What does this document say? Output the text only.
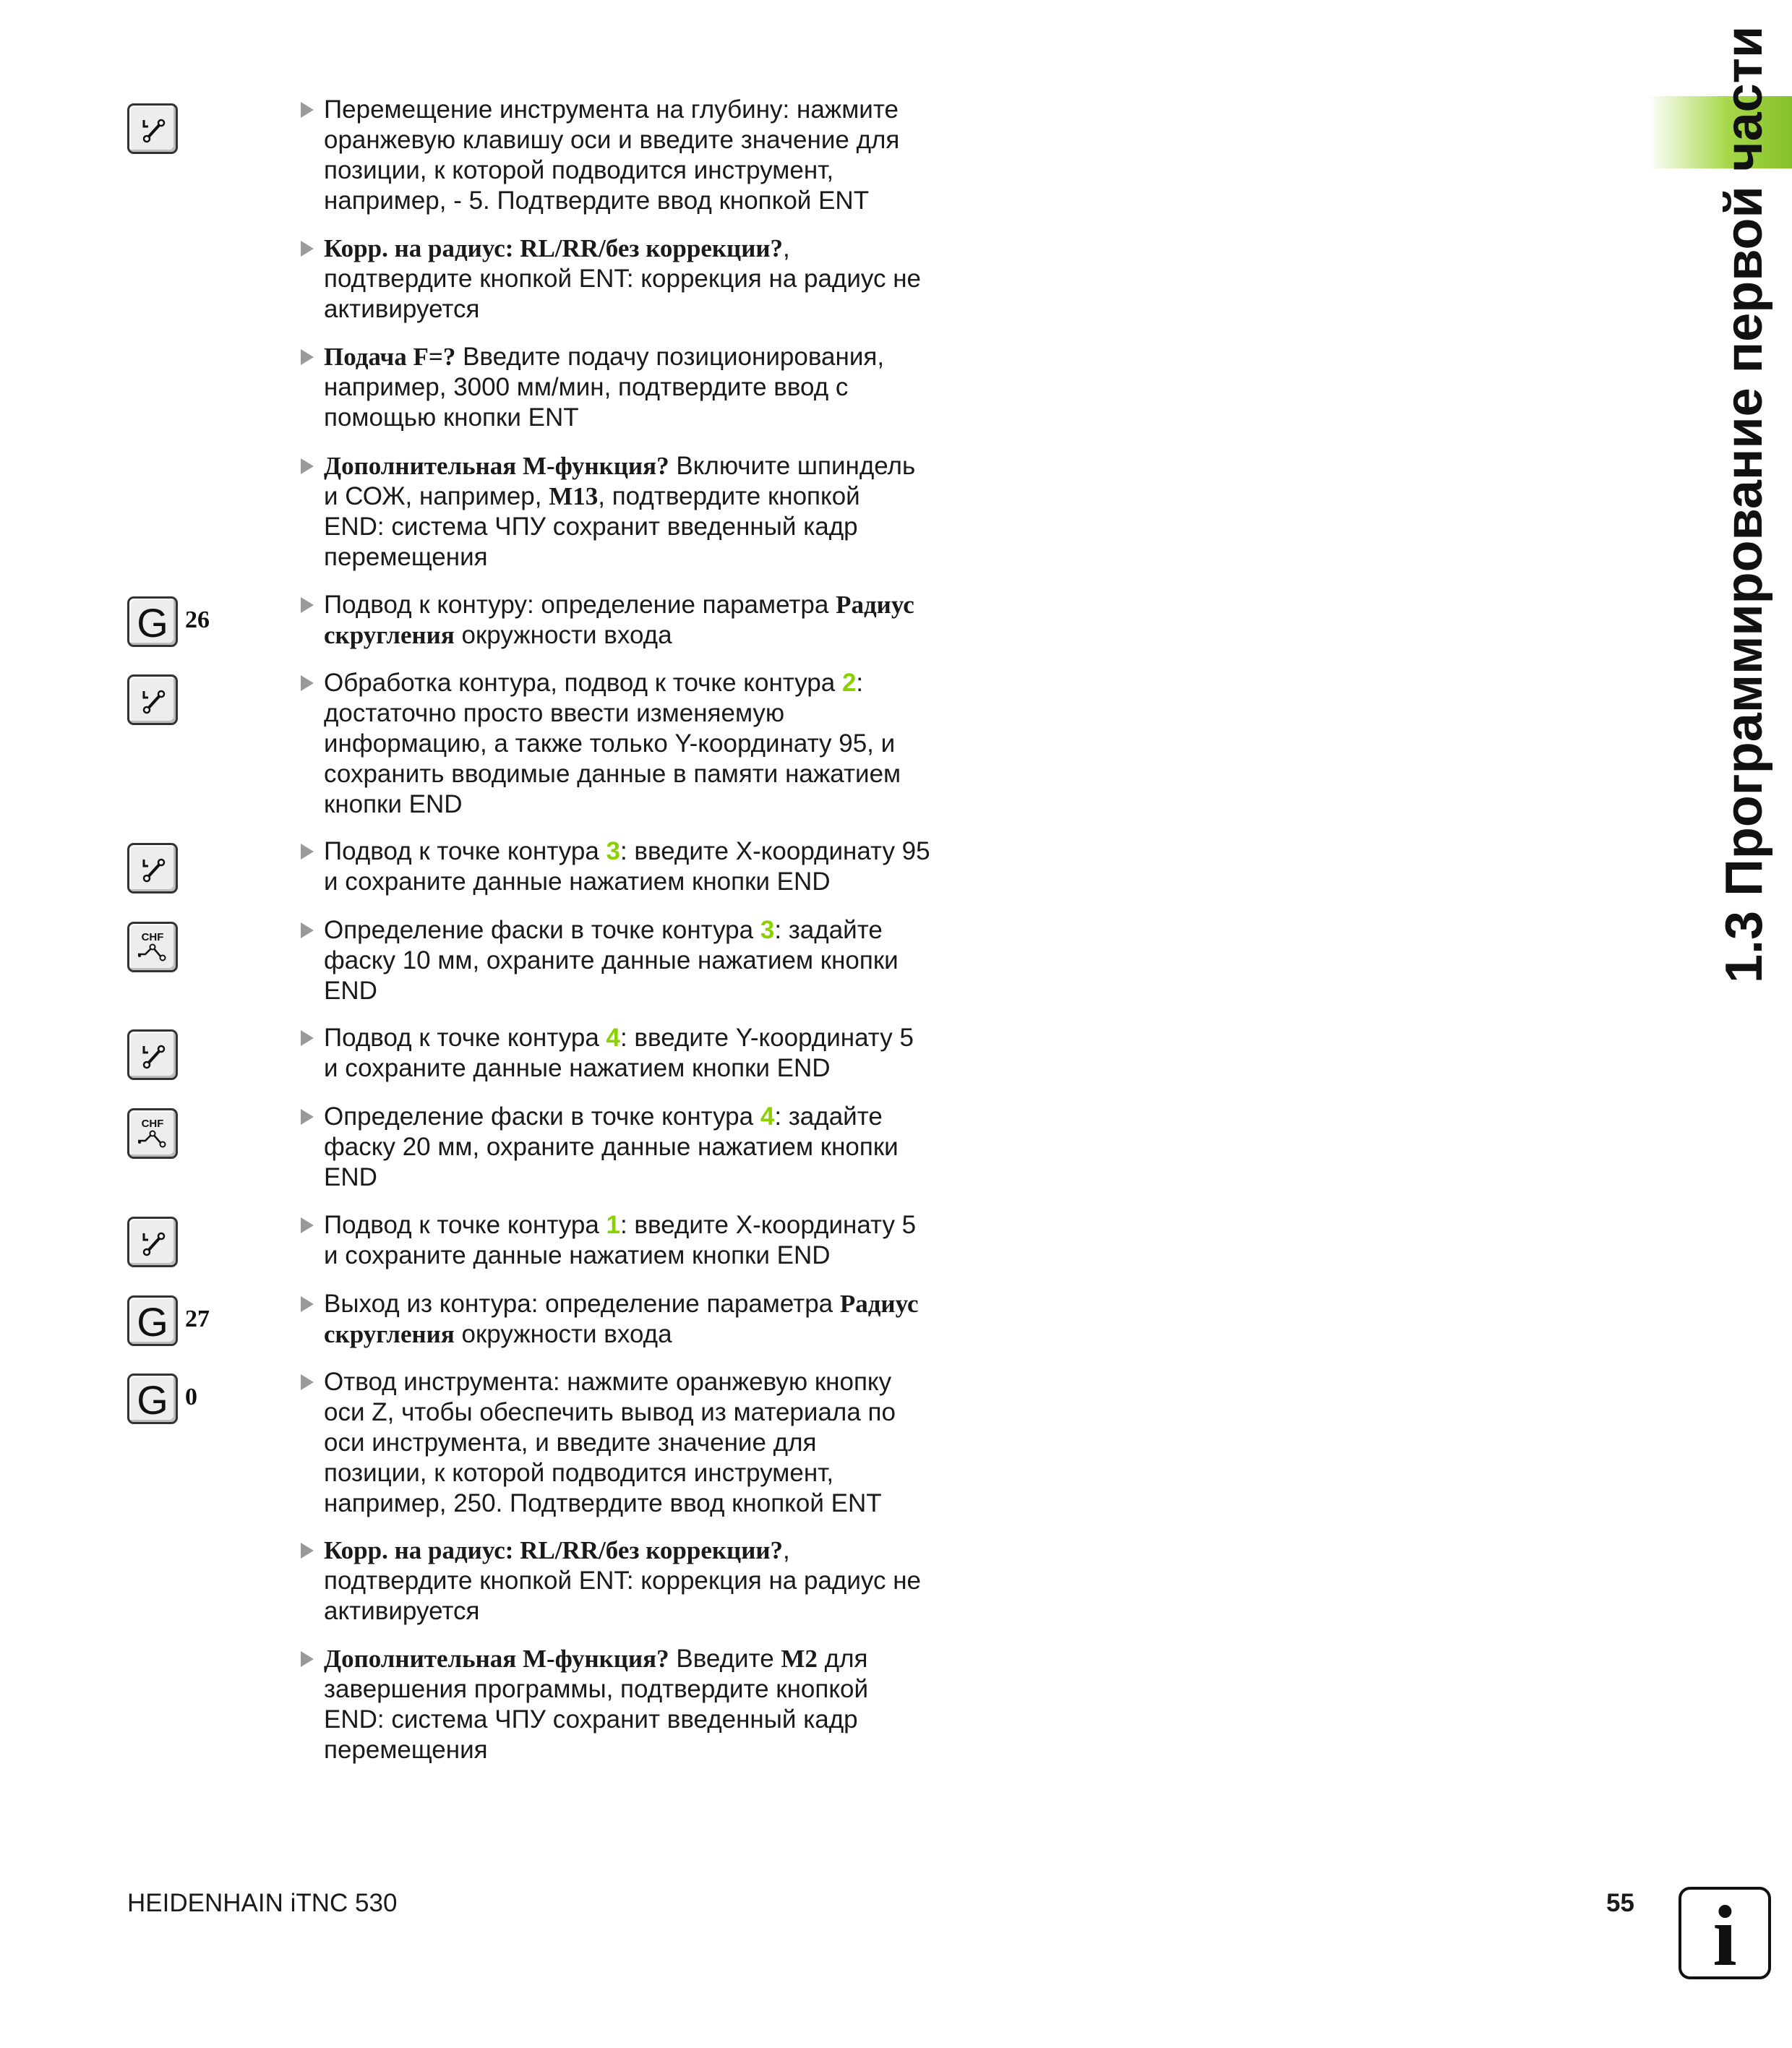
1.3 Программирование первой части
G 26
CHF
CHF
G 27
G 0

Перемещение инструмента на глубину: нажмите

оранжевую клавишу оси и введите значение для

позиции, к которой подводится инструмент,

например, - 5. Подтвердите ввод кнопкой ENT

Корр. на радиус: RL/RR/без коррекции?,

подтвердите кнопкой ENT: коррекция на радиус не

активируется

Подача F=? Введите подачу позиционирования,

например, 3000 мм/мин, подтвердите ввод с

помощью кнопки ENT

Дополнительная М-функция? Включите шпиндель

и СОЖ, например, M13, подтвердите кнопкой

END: система ЧПУ сохранит введенный кадр

перемещения

Подвод к контуру: определение параметра Радиус

скругления окружности входа

Обработка контура, подвод к точке контура 2:

достаточно просто ввести изменяемую

информацию, а также только Y-координату 95, и

сохранить вводимые данные в памяти нажатием

кнопки END

Подвод к точке контура 3: введите X-координату 95

и сохраните данные нажатием кнопки END

Определение фаски в точке контура 3: задайте

фаску 10 мм, охраните данные нажатием кнопки

END

Подвод к точке контура 4: введите Y-координату 5

и сохраните данные нажатием кнопки END

Определение фаски в точке контура 4: задайте

фаску 20 мм, охраните данные нажатием кнопки

END

Подвод к точке контура 1: введите X-координату 5

и сохраните данные нажатием кнопки END

Выход из контура: определение параметра Радиус

скругления окружности входа

Отвод инструмента: нажмите оранжевую кнопку

оси Z, чтобы обеспечить вывод из материала по

оси инструмента, и введите значение для

позиции, к которой подводится инструмент,

например, 250. Подтвердите ввод кнопкой ENT

Корр. на радиус: RL/RR/без коррекции?,

подтвердите кнопкой ENT: коррекция на радиус не

активируется

Дополнительная М-функция? Введите M2 для

завершения программы, подтвердите кнопкой

END: система ЧПУ сохранит введенный кадр

перемещения

HEIDENHAIN iTNC 530	55 i
